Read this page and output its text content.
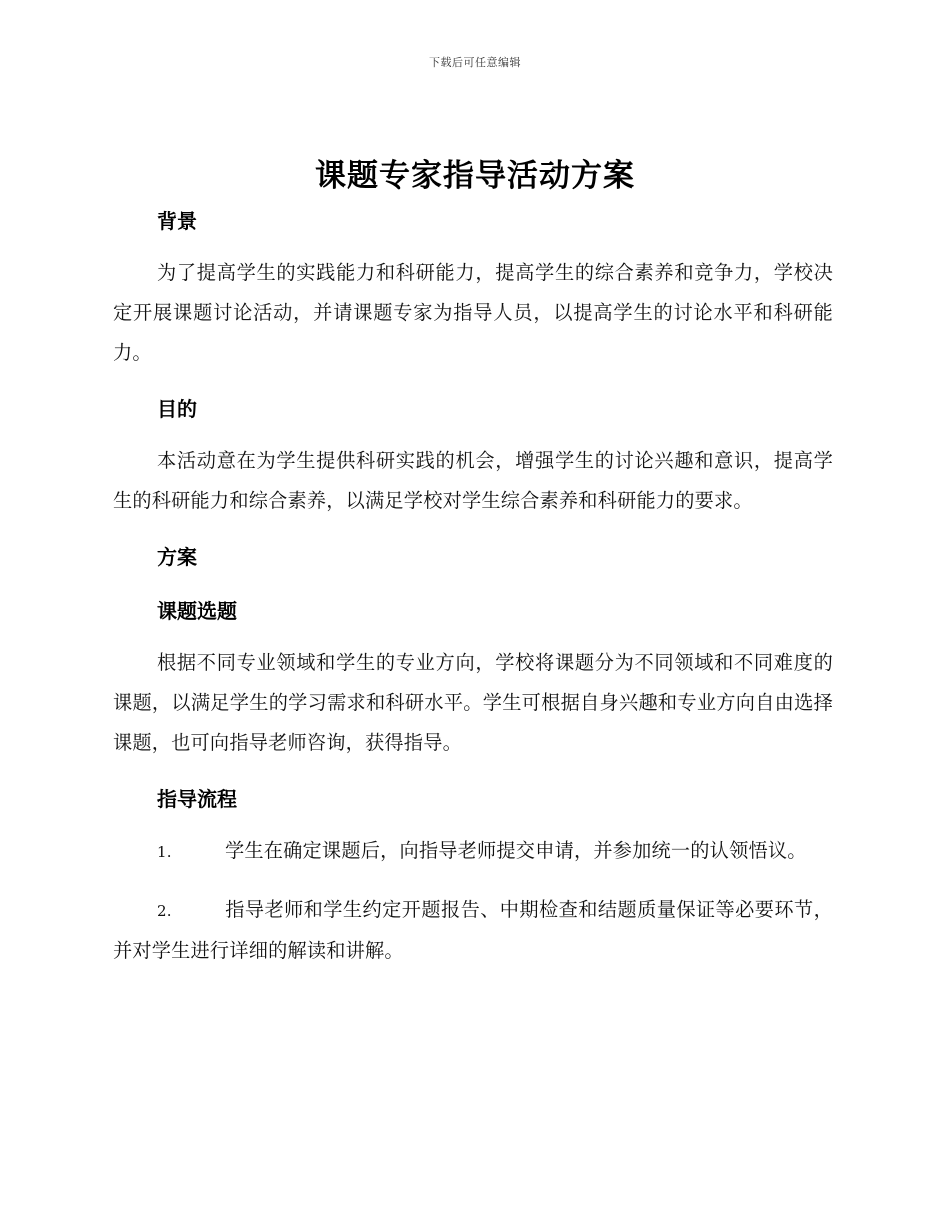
下载后可任意编辑
课题专家指导活动方案
背景

为了提高学生的实践能力和科研能力，提高学生的综合素养和竞争力，学校决定开展课题讨论活动，并请课题专家为指导人员，以提高学生的讨论水平和科研能力。

目的

本活动意在为学生提供科研实践的机会，增强学生的讨论兴趣和意识，提高学生的科研能力和综合素养，以满足学校对学生综合素养和科研能力的要求。

方案
课题选题

根据不同专业领域和学生的专业方向，学校将课题分为不同领域和不同难度的课题，以满足学生的学习需求和科研水平。学生可根据自身兴趣和专业方向自由选择课题，也可向指导老师咨询，获得指导。

指导流程

1.	学生在确定课题后，向指导老师提交申请，并参加统一的认领悟议。

2.	指导老师和学生约定开题报告、中期检查和结题质量保证等必要环节，并对学生进行详细的解读和讲解。
